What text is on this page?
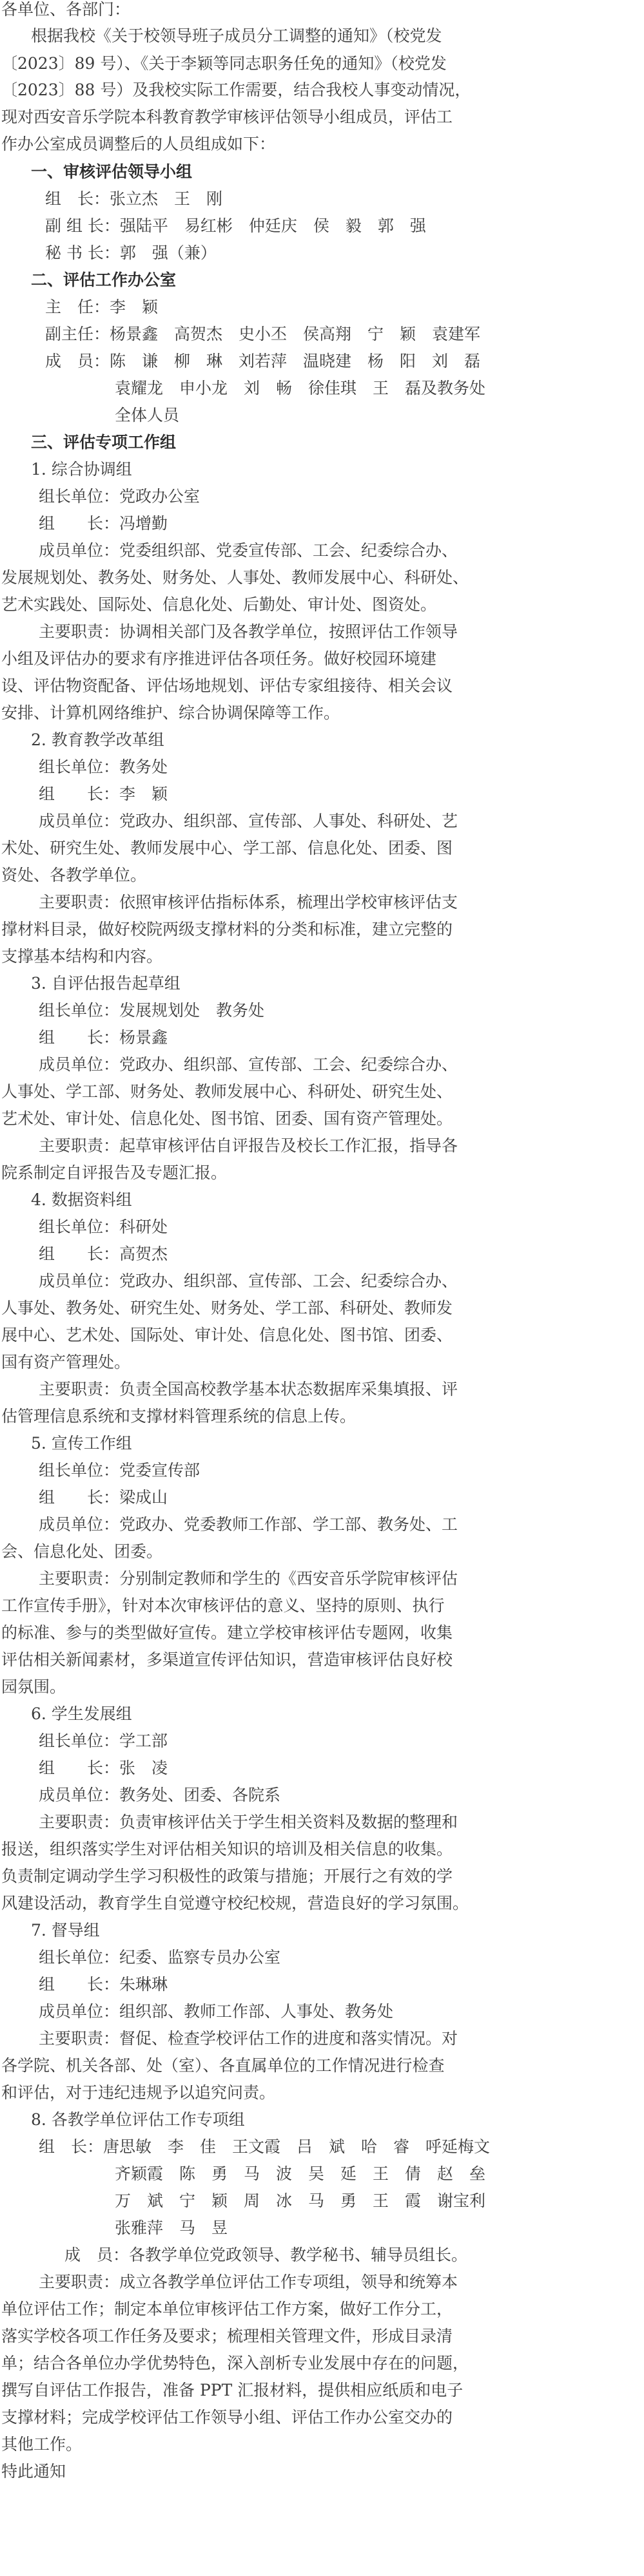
各单位、各部门：
根据我校《关于校领导班子成员分工调整的通知》（校党发
〔2023〕89 号）、《关于李颖等同志职务任免的通知》（校党发
〔2023〕88 号）及我校实际工作需要，结合我校人事变动情况，
现对西安音乐学院本科教育教学审核评估领导小组成员，评估工
作办公室成员调整后的人员组成如下：
一、审核评估领导小组
组　长：张立杰　王　刚
副 组 长：强陆平　易红彬　仲廷庆　侯　毅　郭　强
秘 书 长：郭　强（兼）
二、评估工作办公室
主　任：李　颖
副主任：杨景鑫　高贺杰　史小丕　侯高翔　宁　颖　袁建军
成　员：陈　谦　柳　琳　刘若萍　温晓建　杨　阳　刘　磊
袁耀龙　申小龙　刘　畅　徐佳琪　王　磊及教务处
全体人员
三、评估专项工作组
1. 综合协调组
组长单位：党政办公室
组　　长：冯增勤
成员单位：党委组织部、党委宣传部、工会、纪委综合办、
发展规划处、教务处、财务处、人事处、教师发展中心、科研处、
艺术实践处、国际处、信息化处、后勤处、审计处、图资处。
主要职责：协调相关部门及各教学单位，按照评估工作领导
小组及评估办的要求有序推进评估各项任务。做好校园环境建
设、评估物资配备、评估场地规划、评估专家组接待、相关会议
安排、计算机网络维护、综合协调保障等工作。
2. 教育教学改革组
组长单位：教务处
组　　长：李　颖
成员单位：党政办、组织部、宣传部、人事处、科研处、艺
术处、研究生处、教师发展中心、学工部、信息化处、团委、图
资处、各教学单位。
主要职责：依照审核评估指标体系，梳理出学校审核评估支
撑材料目录，做好校院两级支撑材料的分类和标准，建立完整的
支撑基本结构和内容。
3. 自评估报告起草组
组长单位：发展规划处　教务处
组　　长：杨景鑫
成员单位：党政办、组织部、宣传部、工会、纪委综合办、
人事处、学工部、财务处、教师发展中心、科研处、研究生处、
艺术处、审计处、信息化处、图书馆、团委、国有资产管理处。
主要职责：起草审核评估自评报告及校长工作汇报，指导各
院系制定自评报告及专题汇报。
4. 数据资料组
组长单位：科研处
组　　长：高贺杰
成员单位：党政办、组织部、宣传部、工会、纪委综合办、
人事处、教务处、研究生处、财务处、学工部、科研处、教师发
展中心、艺术处、国际处、审计处、信息化处、图书馆、团委、
国有资产管理处。
主要职责：负责全国高校教学基本状态数据库采集填报、评
估管理信息系统和支撑材料管理系统的信息上传。
5. 宣传工作组
组长单位：党委宣传部
组　　长：梁成山
成员单位：党政办、党委教师工作部、学工部、教务处、工
会、信息化处、团委。
主要职责：分别制定教师和学生的《西安音乐学院审核评估
工作宣传手册》，针对本次审核评估的意义、坚持的原则、执行
的标准、参与的类型做好宣传。建立学校审核评估专题网，收集
评估相关新闻素材，多渠道宣传评估知识，营造审核评估良好校
园氛围。
6. 学生发展组
组长单位：学工部
组　　长：张　凌
成员单位：教务处、团委、各院系
主要职责：负责审核评估关于学生相关资料及数据的整理和
报送，组织落实学生对评估相关知识的培训及相关信息的收集。
负责制定调动学生学习积极性的政策与措施；开展行之有效的学
风建设活动，教育学生自觉遵守校纪校规，营造良好的学习氛围。
7. 督导组
组长单位：纪委、监察专员办公室
组　　长：朱琳琳
成员单位：组织部、教师工作部、人事处、教务处
主要职责：督促、检查学校评估工作的进度和落实情况。对
各学院、机关各部、处（室）、各直属单位的工作情况进行检查
和评估，对于违纪违规予以追究问责。
8. 各教学单位评估工作专项组
组　长：唐思敏　李　佳　王文霞　吕　斌　哈　睿　呼延梅文
齐颖霞　陈　勇　马　波　吴　延　王　倩　赵　垒
万　斌　宁　颖　周　冰　马　勇　王　霞　谢宝利
张雅萍　马　昱
成　员：各教学单位党政领导、教学秘书、辅导员组长。
主要职责：成立各教学单位评估工作专项组，领导和统筹本
单位评估工作；制定本单位审核评估工作方案，做好工作分工，
落实学校各项工作任务及要求；梳理相关管理文件，形成目录清
单；结合各单位办学优势特色，深入剖析专业发展中存在的问题，
撰写自评估工作报告，准备 PPT 汇报材料，提供相应纸质和电子
支撑材料；完成学校评估工作领导小组、评估工作办公室交办的
其他工作。
特此通知
